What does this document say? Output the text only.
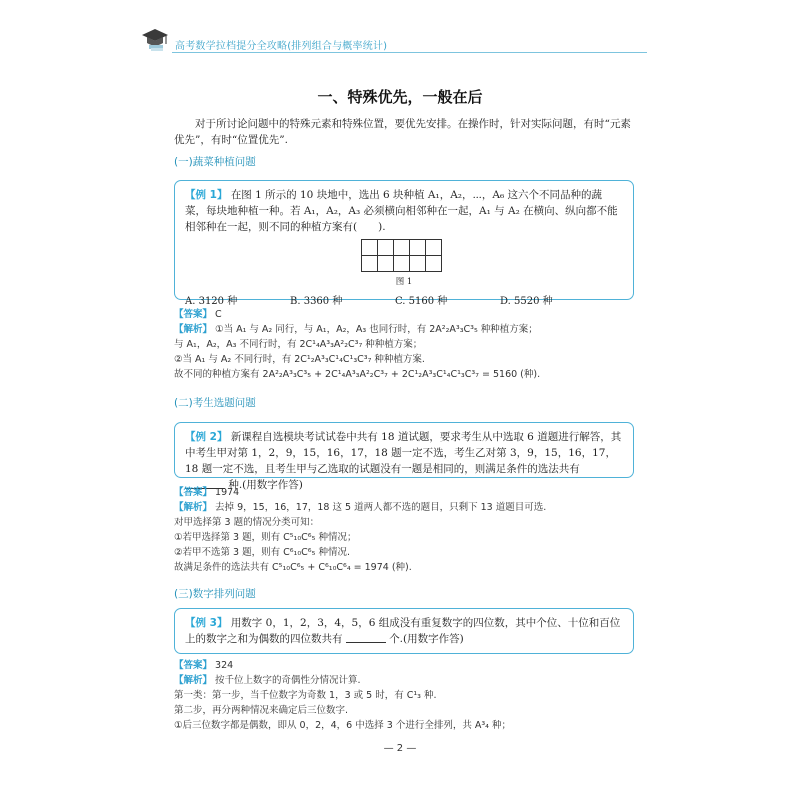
高考数学拉档提分全攻略(排列组合与概率统计)
一、特殊优先，一般在后
对于所讨论问题中的特殊元素和特殊位置，要优先安排。在操作时，针对实际问题，有时“元素优先”，有时“位置优先”.
(一)蔬菜种植问题
【例 1】 在图 1 所示的 10 块地中，选出 6 块种植 A₁，A₂，⋯，A₆ 这六个不同品种的蔬菜，每块地种植一种。若 A₁，A₂，A₃ 必须横向相邻种在一起，A₁ 与 A₂ 在横向、纵向都不能相邻种在一起，则不同的种植方案有(　　).
图 1
A. 3120 种	B. 3360 种	C. 5160 种	D. 5520 种
【答案】 C
【解析】 ①当 A₁ 与 A₂ 同行，与 A₁，A₂，A₃ 也同行时，有 2A²₂A³₃C³₅ 种种植方案；
与 A₁，A₂，A₃ 不同行时，有 2C¹₄A³₃A²₂C³₇ 种种植方案；
②当 A₁ 与 A₂ 不同行时，有 2C¹₂A³₃C¹₄C¹₃C³₇ 种种植方案.
故不同的种植方案有 2A²₂A³₃C³₅ + 2C¹₄A³₃A²₂C³₇ + 2C¹₂A³₃C¹₄C¹₃C³₇ = 5160 (种).
(二)考生选题问题
【例 2】 新课程自选模块考试试卷中共有 18 道试题，要求考生从中选取 6 道题进行解答，其中考生甲对第 1，2，9，15，16，17，18 题一定不选，考生乙对第 3，9，15，16，17，18 题一定不选，且考生甲与乙选取的试题没有一题是相同的，则满足条件的选法共有  种.(用数字作答)
【答案】 1974
【解析】 去掉 9，15，16，17，18 这 5 道两人都不选的题目，只剩下 13 道题目可选.
对甲选择第 3 题的情况分类可知：
①若甲选择第 3 题，则有 C⁵₁₀C⁶₅ 种情况；
②若甲不选第 3 题，则有 C⁶₁₀C⁶₅ 种情况.
故满足条件的选法共有 C⁵₁₀C⁶₅ + C⁶₁₀C⁶₄ = 1974 (种).
(三)数字排列问题
【例 3】 用数字 0，1，2，3，4，5，6 组成没有重复数字的四位数，其中个位、十位和百位上的数字之和为偶数的四位数共有	个.(用数字作答)
【答案】 324
【解析】 按千位上数字的奇偶性分情况计算.
第一类：第一步，当千位数字为奇数 1，3 或 5 时，有 C¹₃ 种.
第二步，再分两种情况来确定后三位数字.
①后三位数字都是偶数，即从 0，2，4，6 中选择 3 个进行全排列，共 A³₄ 种；
— 2 —
